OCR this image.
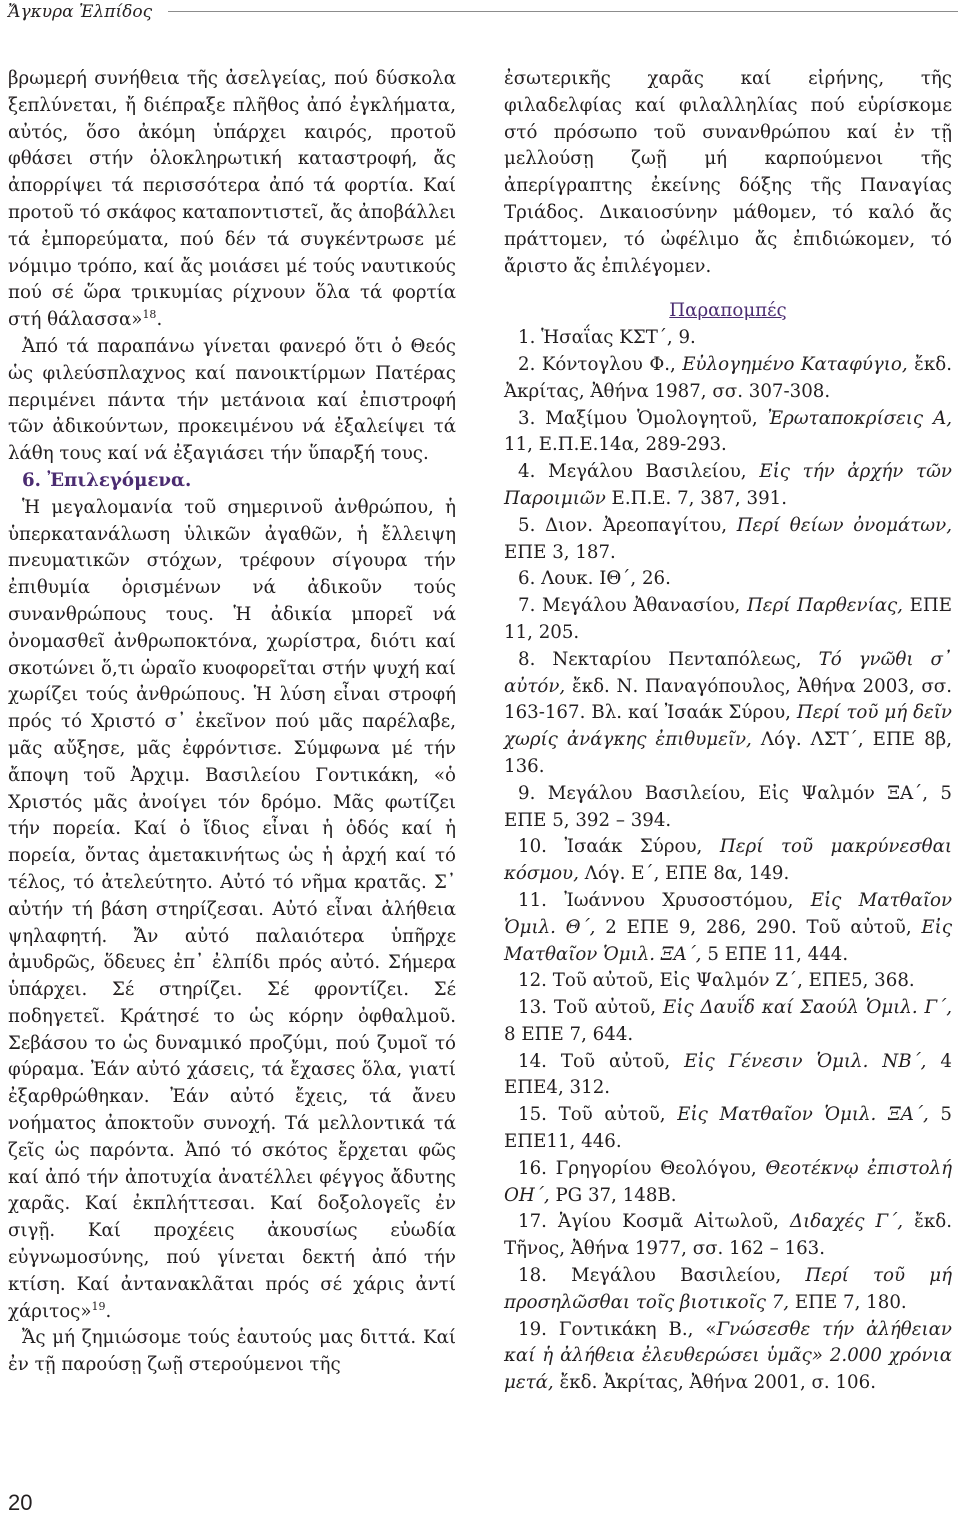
Ἄγκυρα Ἐλπίδος

βρωμερή συνήθεια τῆς ἀσελγείας, πού δύσκολα ξεπλύνεται, ἤ διέπραξε πλῆθος ἀπό ἐγκλήματα, αὐτός, ὅσο ἀκόμη ὑπάρχει καιρός, προτοῦ φθάσει στήν ὁλοκληρωτική καταστροφή, ἄς ἀπορρίψει τά περισσότερα ἀπό τά φορτία. Καί προτοῦ τό σκάφος καταποντιστεῖ, ἄς ἀποβάλλει τά ἐμπορεύματα, πού δέν τά συγκέντρωσε μέ νόμιμο τρόπο, καί ἄς μοιάσει μέ τούς ναυτικούς πού σέ ὥρα τρικυμίας ρίχνουν ὅλα τά φορτία στή θάλασσα»$^{18}$.

Ἀπό τά παραπάνω γίνεται φανερό ὅτι ὁ Θεός ὡς φιλεύσπλαχνος καί πανοικτίρμων Πατέρας περιμένει πάντα τήν μετάνοια καί ἐπιστροφή τῶν ἀδικούντων, προκειμένου νά ἐξαλείψει τά λάθη τους καί νά ἐξαγιάσει τήν ὕπαρξή τους.

6. Ἐπιλεγόμενα.

Ἡ μεγαλομανία τοῦ σημερινοῦ ἀνθρώπου, ἡ ὑπερκατανάλωση ὑλικῶν ἀγαθῶν, ἡ ἔλλειψη πνευματικῶν στόχων, τρέφουν σίγουρα τήν ἐπιθυμία ὁρισμένων νά ἀδικοῦν τούς συνανθρώπους τους. Ἡ ἀδικία μπορεῖ νά ὀνομασθεῖ ἀνθρωποκτόνα, χωρίστρα, διότι καί σκοτώνει ὅ,τι ὡραῖο κυοφορεῖται στήν ψυχή καί χωρίζει τούς ἀνθρώπους. Ἡ λύση εἶναι στροφή πρός τό Χριστό σ᾽ ἐκεῖνον πού μᾶς παρέλαβε, μᾶς αὔξησε, μᾶς ἐφρόντισε. Σύμφωνα μέ τήν ἄποψη τοῦ Ἀρχιμ. Βασιλείου Γοντικάκη, «ὁ Χριστός μᾶς ἀνοίγει τόν δρόμο. Μᾶς φωτίζει τήν πορεία. Καί ὁ ἴδιος εἶναι ἡ ὁδός καί ἡ πορεία, ὄντας ἀμετακινήτως ὡς ἡ ἀρχή καί τό τέλος, τό ἀτελεύτητο. Αὐτό τό νῆμα κρατᾶς. Σ᾽ αὐτήν τή βάση στηρίζεσαι. Αὐτό εἶναι ἀλήθεια ψηλαφητή. Ἄν αὐτό παλαιότερα ὑπῆρχε ἀμυδρῶς, ὅδευες ἐπ᾽ ἐλπίδι πρός αὐτό. Σήμερα ὑπάρχει. Σέ στηρίζει. Σέ φροντίζει. Σέ ποδηγετεῖ. Κράτησέ το ὡς κόρην ὀφθαλμοῦ. Σεβάσου το ὡς δυναμικό προζύμι, πού ζυμοῖ τό φύραμα. Ἐάν αὐτό χάσεις, τά ἔχασες ὅλα, γιατί ἐξαρθρώθηκαν. Ἐάν αὐτό ἔχεις, τά ἄνευ νοήματος ἀποκτοῦν συνοχή. Τά μελλοντικά τά ζεῖς ὡς παρόντα. Ἀπό τό σκότος ἔρχεται φῶς καί ἀπό τήν ἀποτυχία ἀνατέλλει φέγγος ἄδυτης χαρᾶς. Καί ἐκπλήττεσαι. Καί δοξολογεῖς ἐν σιγῇ. Καί προχέεις ἀκουσίως εὐωδία εὐγνωμοσύνης, πού γίνεται δεκτή ἀπό τήν κτίση. Καί ἀντανακλᾶται πρός σέ χάρις ἀντί χάριτος»$^{19}$.

Ἄς μή ζημιώσομε τούς ἑαυτούς μας διττά. Καί ἐν τῇ παρούσῃ ζωῇ στερούμενοι τῆς

ἐσωτερικῆς χαρᾶς καί εἰρήνης, τῆς φιλαδελφίας καί φιλαλληλίας πού εὑρίσκομε στό πρόσωπο τοῦ συνανθρώπου καί ἐν τῇ μελλούσῃ ζωῇ μή καρπούμενοι τῆς ἀπερίγραπτης ἐκείνης δόξης τῆς Παναγίας Τριάδος. Δικαιοσύνην μάθομεν, τό καλό ἄς πράττομεν, τό ὠφέλιμο ἄς ἐπιδιώκομεν, τό ἄριστο ἄς ἐπιλέγομεν.

Παραπομπές

1. Ἡσαΐας ΚΣΤ΄, 9.

2. Κόντογλου Φ., Εὐλογημένο Καταφύγιο, ἔκδ. Ἀκρίτας, Ἀθήνα 1987, σσ. 307-308.

3. Μαξίμου Ὁμολογητοῦ, Ἐρωταποκρίσεις Α, 11, Ε.Π.Ε.14α, 289-293.

4. Μεγάλου Βασιλείου, Εἰς τήν ἀρχήν τῶν Παροιμιῶν Ε.Π.Ε. 7, 387, 391.

5. Διον. Ἀρεοπαγίτου, Περί θείων ὀνομάτων, ΕΠΕ 3, 187.

6. Λουκ. ΙΘ΄, 26.

7. Μεγάλου Ἀθανασίου, Περί Παρθενίας, ΕΠΕ 11, 205.

8. Νεκταρίου Πενταπόλεως, Τό γνῶθι σ᾽ αὐτόν, ἔκδ. Ν. Παναγόπουλος, Ἀθήνα 2003, σσ. 163-167. Βλ. καί Ἰσαάκ Σύρου, Περί τοῦ μή δεῖν χωρίς ἀνάγκης ἐπιθυμεῖν, Λόγ. ΛΣΤ΄, ΕΠΕ 8β, 136.

9. Μεγάλου Βασιλείου, Εἰς Ψαλμόν ΞΑ΄, 5 ΕΠΕ 5, 392 – 394.

10. Ἰσαάκ Σύρου, Περί τοῦ μακρύνεσθαι κόσμου, Λόγ. Ε΄, ΕΠΕ 8α, 149.

11. Ἰωάννου Χρυσοστόμου, Εἰς Ματθαῖον Ὁμιλ. Θ΄, 2 ΕΠΕ 9, 286, 290. Τοῦ αὐτοῦ, Εἰς Ματθαῖον Ὁμιλ. ΞΑ΄, 5 ΕΠΕ 11, 444.

12. Τοῦ αὐτοῦ, Εἰς Ψαλμόν Ζ΄, ΕΠΕ5, 368.

13. Τοῦ αὐτοῦ, Εἰς Δαυΐδ καί Σαούλ Ὁμιλ. Γ΄, 8 ΕΠΕ 7, 644.

14. Τοῦ αὐτοῦ, Εἰς Γένεσιν Ὁμιλ. ΝΒ΄, 4 ΕΠΕ4, 312.

15. Τοῦ αὐτοῦ, Εἰς Ματθαῖον Ὁμιλ. ΞΑ΄, 5 ΕΠΕ11, 446.

16. Γρηγορίου Θεολόγου, Θεοτέκνῳ ἐπιστολή ΟΗ΄, PG 37, 148Β.

17. Ἁγίου Κοσμᾶ Αἰτωλοῦ, Διδαχές Γ΄, ἔκδ. Τῆνος, Ἀθήνα 1977, σσ. 162 – 163.

18. Μεγάλου Βασιλείου, Περί τοῦ μή προσηλῶσθαι τοῖς βιοτικοῖς 7, ΕΠΕ 7, 180.

19. Γοντικάκη Β., «Γνώσεσθε τήν ἀλήθειαν καί ἡ ἀλήθεια ἐλευθερώσει ὑμᾶς» 2.000 χρόνια μετά, ἔκδ. Ἀκρίτας, Ἀθήνα 2001, σ. 106.

20
